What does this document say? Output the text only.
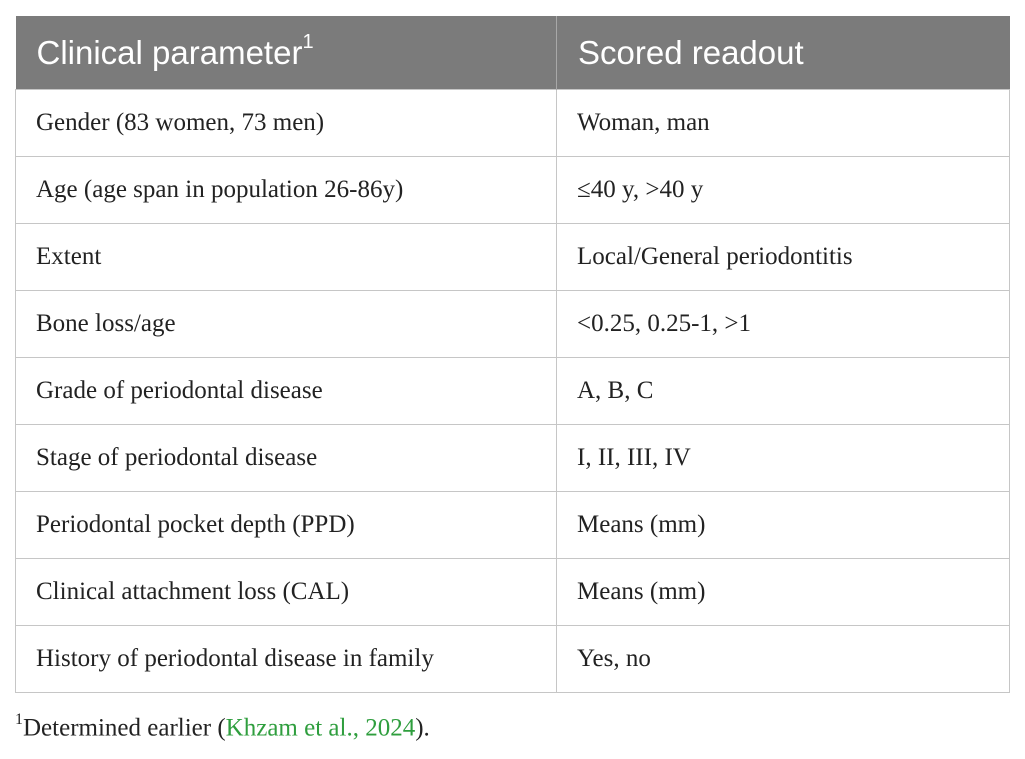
Clinical parameter$^1$	Scored readout
Gender (83 women, 73 men)	Woman, man
Age (age span in population 26-86y)	≤40 y, >40 y
Extent	Local/General periodontitis
Bone loss/age	<0.25, 0.25-1, >1
Grade of periodontal disease	A, B, C
Stage of periodontal disease	I, II, III, IV
Periodontal pocket depth (PPD)	Means (mm)
Clinical attachment loss (CAL)	Means (mm)
History of periodontal disease in family	Yes, no
$^1$Determined earlier (Khzam et al., 2024).
